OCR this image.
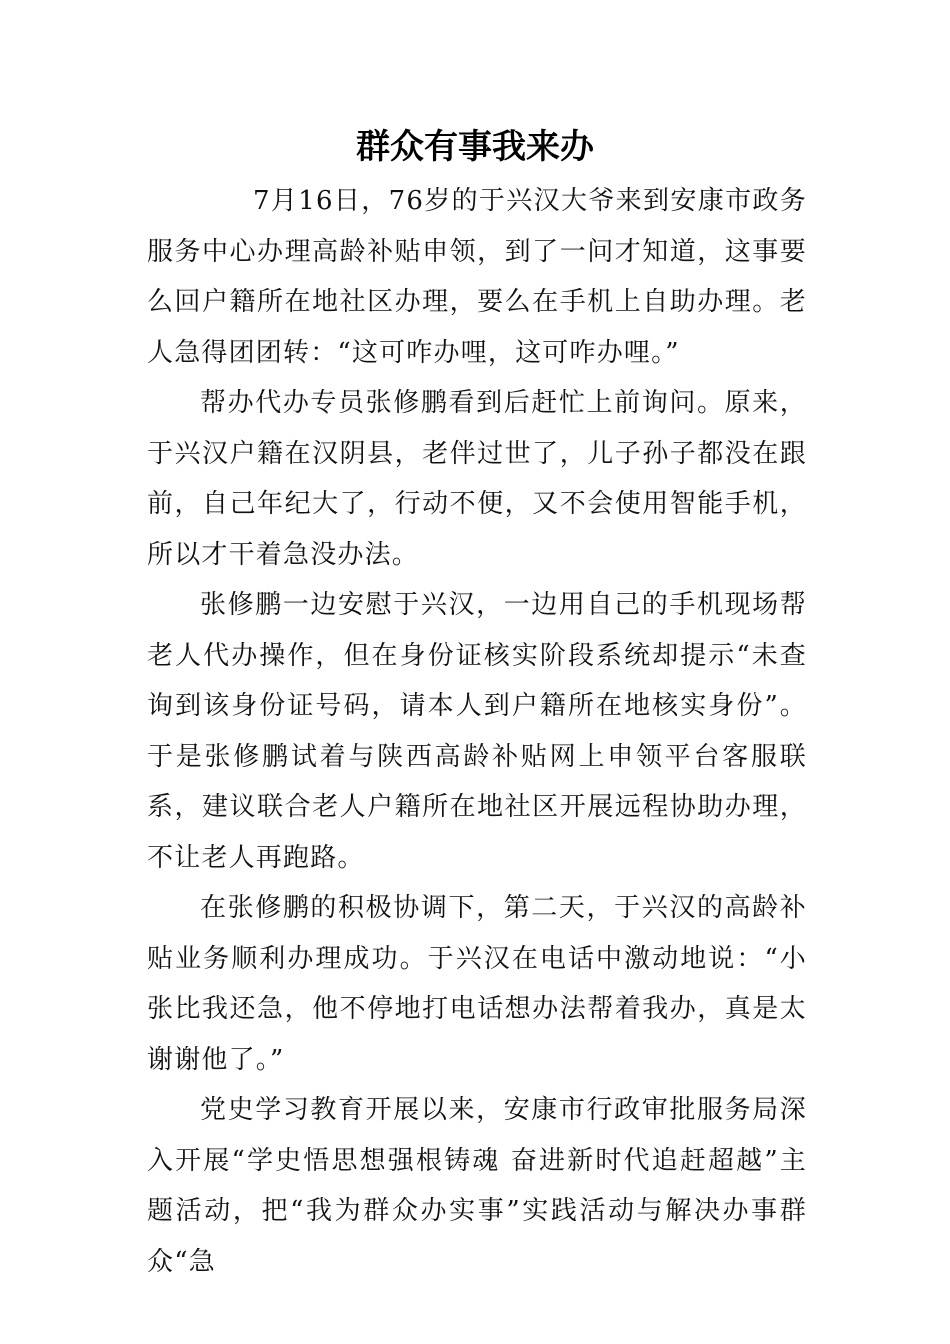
群众有事我来办

7月16日，76岁的于兴汉大爷来到安康市政务服务中心办理高龄补贴申领，到了一问才知道，这事要么回户籍所在地社区办理，要么在手机上自助办理。老人急得团团转：“这可咋办哩，这可咋办哩。”

帮办代办专员张修鹏看到后赶忙上前询问。原来，于兴汉户籍在汉阴县，老伴过世了，儿子孙子都没在跟前，自己年纪大了，行动不便，又不会使用智能手机，所以才干着急没办法。

张修鹏一边安慰于兴汉，一边用自己的手机现场帮老人代办操作，但在身份证核实阶段系统却提示“未查询到该身份证号码，请本人到户籍所在地核实身份”。于是张修鹏试着与陕西高龄补贴网上申领平台客服联系，建议联合老人户籍所在地社区开展远程协助办理，不让老人再跑路。

在张修鹏的积极协调下，第二天，于兴汉的高龄补贴业务顺利办理成功。于兴汉在电话中激动地说：“小张比我还急，他不停地打电话想办法帮着我办，真是太谢谢他了。”

党史学习教育开展以来，安康市行政审批服务局深入开展“学史悟思想强根铸魂 奋进新时代追赶超越”主题活动，把“我为群众办实事”实践活动与解决办事群众“急
